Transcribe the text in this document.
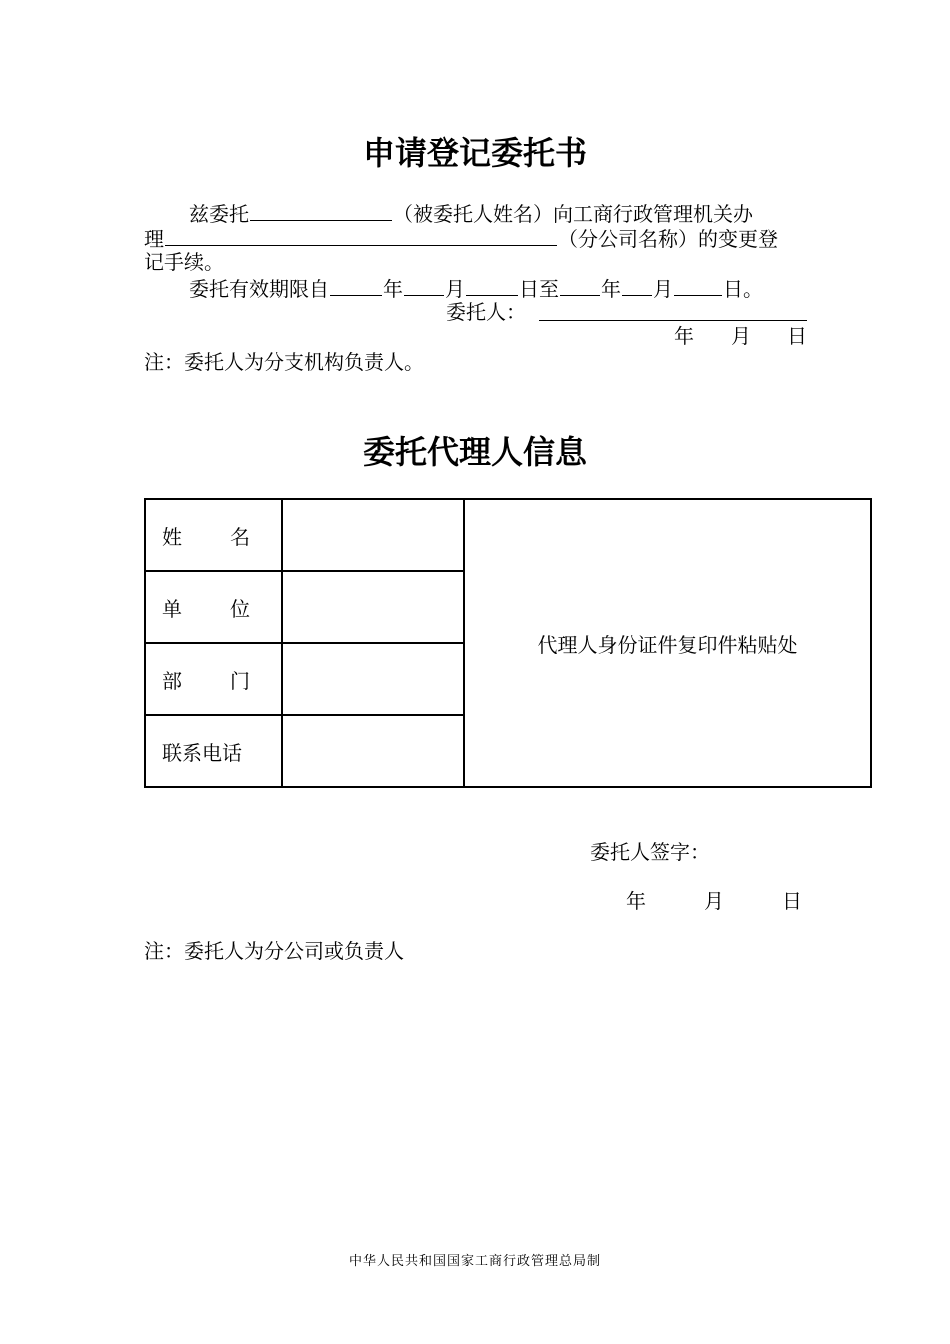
申请登记委托书
兹委托	（被委托人姓名）向工商行政管理机关办
理	（分公司名称）的变更登
记手续。
委托有效期限自	年 月	日至 年 月	日。
委托人：
年 月 日
注：委托人为分支机构负责人。
委托代理人信息
姓 名		代理人身份证件复印件粘贴处

单 位		

部 门		

联系电话		
委托人签字：
年	月	日
注：委托人为分公司或负责人
中华人民共和国国家工商行政管理总局制
